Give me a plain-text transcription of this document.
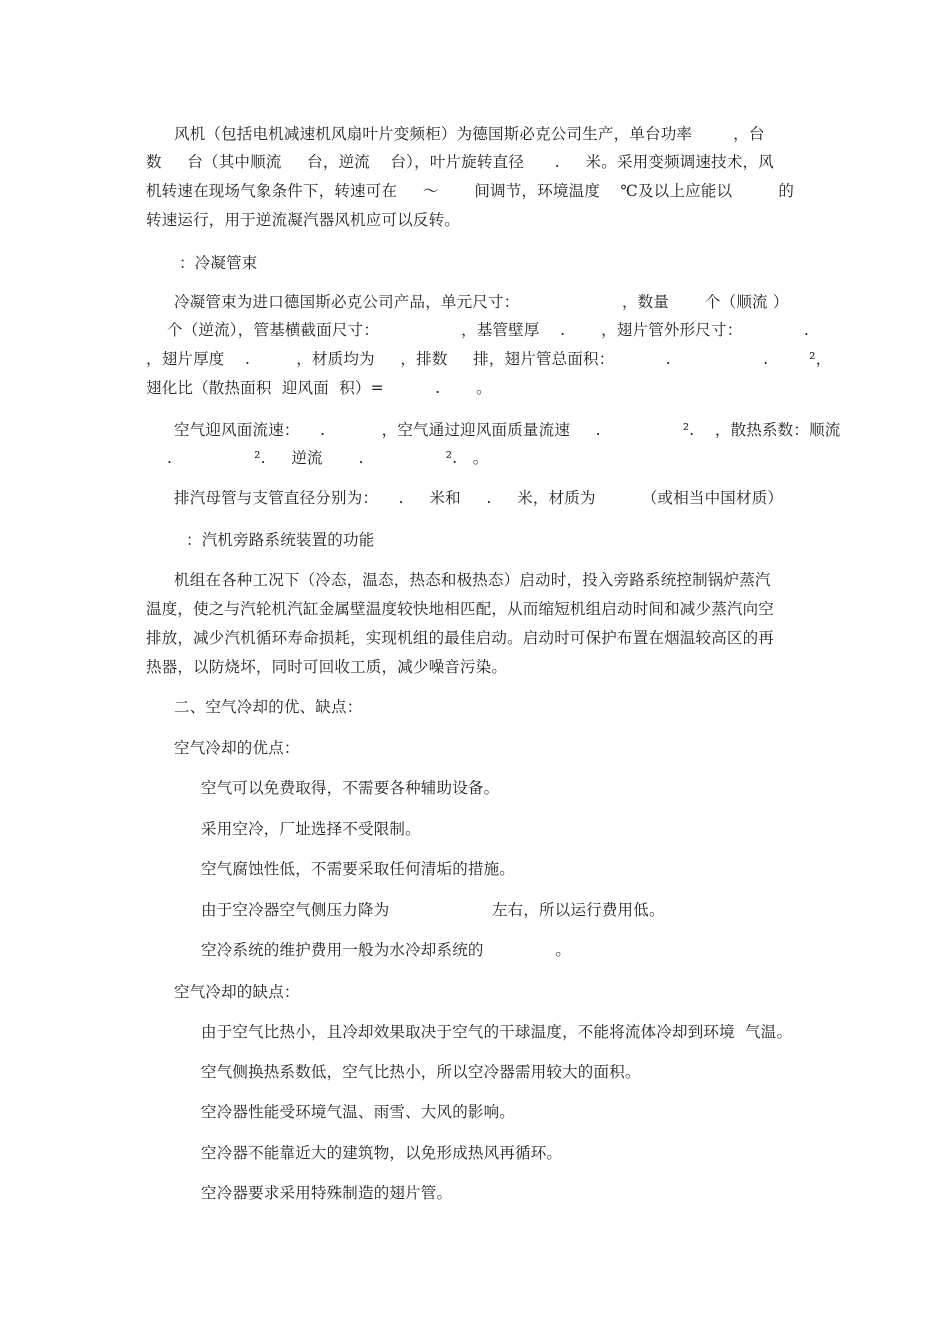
风机（包括电机减速机风扇叶片变频柜）为德国斯必克公司生产，单台功率        ，台
数     台（其中顺流     台，逆流    台），叶片旋转直径      .     米。采用变频调速技术，风
机转速在现场气象条件下，转速可在     ～       间调节，环境温度    ℃及以上应能以         的
转速运行，用于逆流凝汽器风机应可以反转。
：冷凝管束
冷凝管束为进口德国斯必克公司产品，单元尺寸：                    ，数量       个（顺流 ）
个（逆流），管基横截面尺寸：                ，基管壁厚    .       ，翅片管外形尺寸：            .
，翅片厚度    .         ，材质均为     ，排数     排，翅片管总面积：          .                  .        ²，
翅化比（散热面积  迎风面  积）=          .       。
空气迎风面流速：    .           ，空气通过迎风面质量流速     .                ².    ，散热系数：顺流
.                ².     逆流       .                ².   。
排汽母管与支管直径分别为：    .     米和     .     米，材质为         （或相当中国材质）
：汽机旁路系统装置的功能
机组在各种工况下（冷态，温态，热态和极热态）启动时，投入旁路系统控制锅炉蒸汽
温度，使之与汽轮机汽缸金属壁温度较快地相匹配，从而缩短机组启动时间和减少蒸汽向空
排放，减少汽机循环寿命损耗，实现机组的最佳启动。启动时可保护布置在烟温较高区的再
热器，以防烧坏，同时可回收工质，减少噪音污染。
二、空气冷却的优、缺点：
空气冷却的优点：
空气可以免费取得，不需要各种辅助设备。
采用空冷，厂址选择不受限制。
空气腐蚀性低，不需要采取任何清垢的措施。
由于空冷器空气侧压力降为                    左右，所以运行费用低。
空冷系统的维护费用一般为水冷却系统的              。
空气冷却的缺点：
由于空气比热小，且冷却效果取决于空气的干球温度，不能将流体冷却到环境  气温。
空气侧换热系数低，空气比热小，所以空冷器需用较大的面积。
空冷器性能受环境气温、雨雪、大风的影响。
空冷器不能靠近大的建筑物，以免形成热风再循环。
空冷器要求采用特殊制造的翅片管。
